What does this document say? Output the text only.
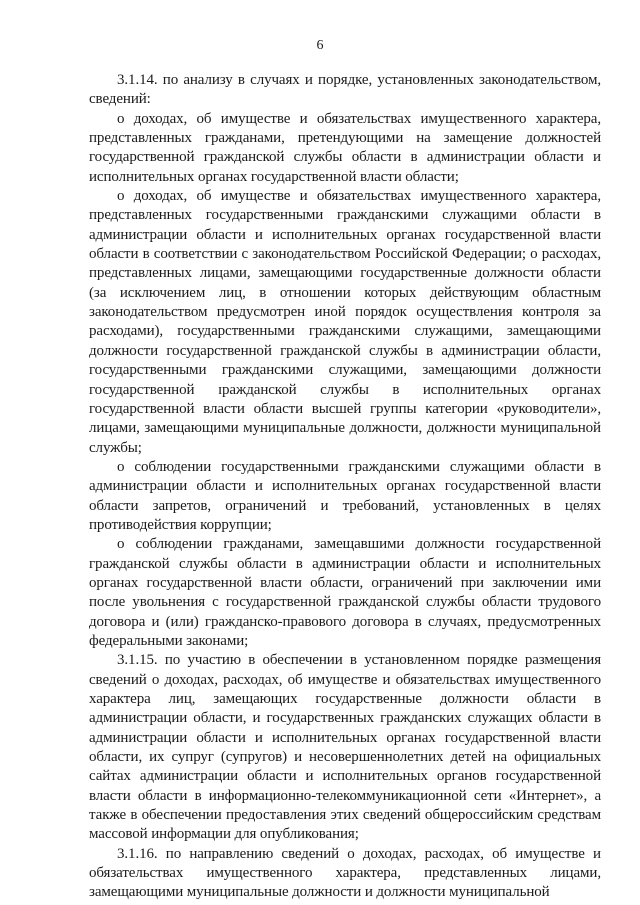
6

3.1.14. по анализу в случаях и порядке, установленных законодательством, сведений:

о доходах, об имуществе и обязательствах имущественного характера, представленных гражданами, претендующими на замещение должностей государственной гражданской службы области в администрации области и исполнительных органах государственной власти области;

о доходах, об имуществе и обязательствах имущественного характера, представленных государственными гражданскими служащими области в администрации области и исполнительных органах государственной власти области в соответствии с законодательством Российской Федерации; о расходах, представленных лицами, замещающими государственные должности области (за исключением лиц, в отношении которых действующим областным законодательством предусмотрен иной порядок осуществления контроля за расходами), государственными гражданскими служащими, замещающими должности государственной гражданской службы в администрации области, государственными гражданскими служащими, замещающими должности государственной ɪражданской службы в исполнительных органах государственной власти области высшей группы категории «руководители», лицами, замещающими муниципальные должности, должности муниципальной службы;

о соблюдении государственными гражданскими служащими области в администрации области и исполнительных органах государственной власти области запретов, ограничений и требований, установленных в целях противодействия коррупции;

о соблюдении гражданами, замещавшими должности государственной гражданской службы области в администрации области и исполнительных органах государственной власти области, ограничений при заключении ими после увольнения с государственной гражданской службы области трудового договора и (или) гражданско-правового договора в случаях, предусмотренных федеральными законами;

3.1.15. по участию в обеспечении в установленном порядке размещения сведений о доходах, расходах, об имуществе и обязательствах имущественного характера лиц, замещающих государственные должности области в администрации области, и государственных гражданских служащих области в администрации области и исполнительных органах государственной власти области, их супруг (супругов) и несовершеннолетних детей на официальных сайтах администрации области и исполнительных органов государственной власти области в информационно-телекоммуникационной сети «Интернет», а также в обеспечении предоставления этих сведений общероссийским средствам массовой информации для опубликования;

3.1.16. по направлению сведений о доходах, расходах, об имуществе и обязательствах имущественного характера, представленных лицами, замещающими муниципальные должности и должности муниципальной
